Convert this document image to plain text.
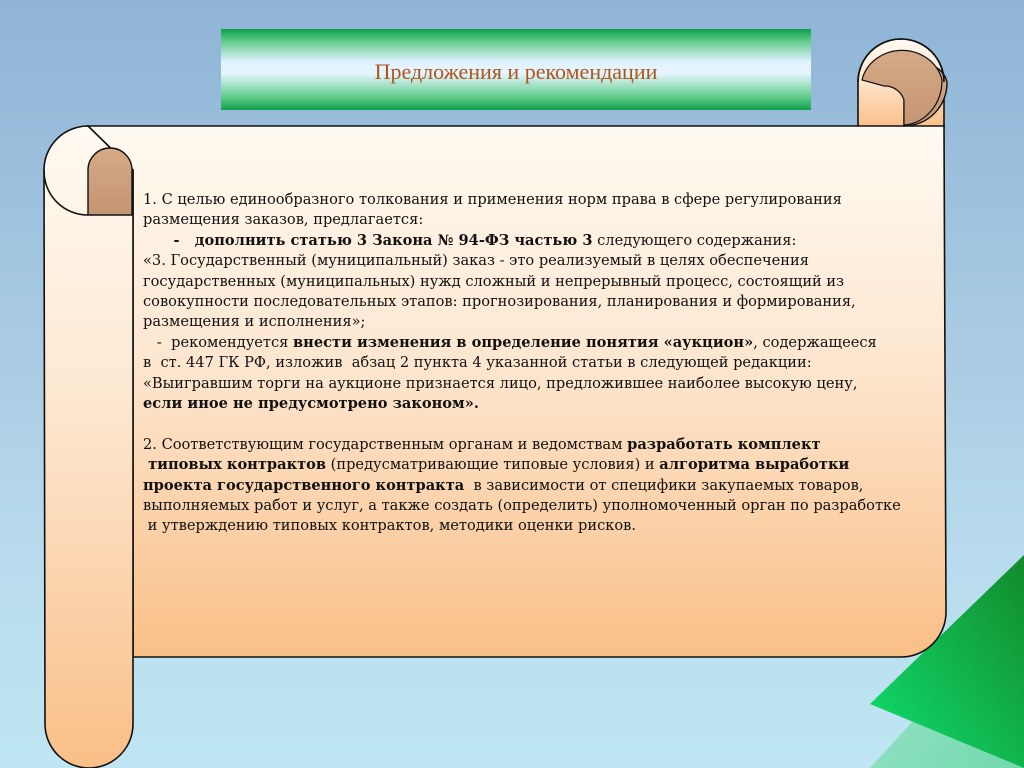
Предложения и рекомендации
1. С целью единообразного толкования и применения норм права в сфере регулирования
размещения заказов, предлагается:
-   дополнить статью 3 Закона № 94-ФЗ частью 3 следующего содержания:
«3. Государственный (муниципальный) заказ - это реализуемый в целях обеспечения
государственных (муниципальных) нужд сложный и непрерывный процесс, состоящий из
совокупности последовательных этапов: прогнозирования, планирования и формирования,
размещения и исполнения»;
-  рекомендуется внести изменения в определение понятия «аукцион», содержащееся
в  ст. 447 ГК РФ, изложив  абзац 2 пункта 4 указанной статьи в следующей редакции:
«Выигравшим торги на аукционе признается лицо, предложившее наиболее высокую цену,
если иное не предусмотрено законом».
2. Соответствующим государственным органам и ведомствам разработать комплект
типовых контрактов (предусматривающие типовые условия) и алгоритма выработки
проекта государственного контракта  в зависимости от специфики закупаемых товаров,
выполняемых работ и услуг, а также создать (определить) уполномоченный орган по разработке
и утверждению типовых контрактов, методики оценки рисков.
